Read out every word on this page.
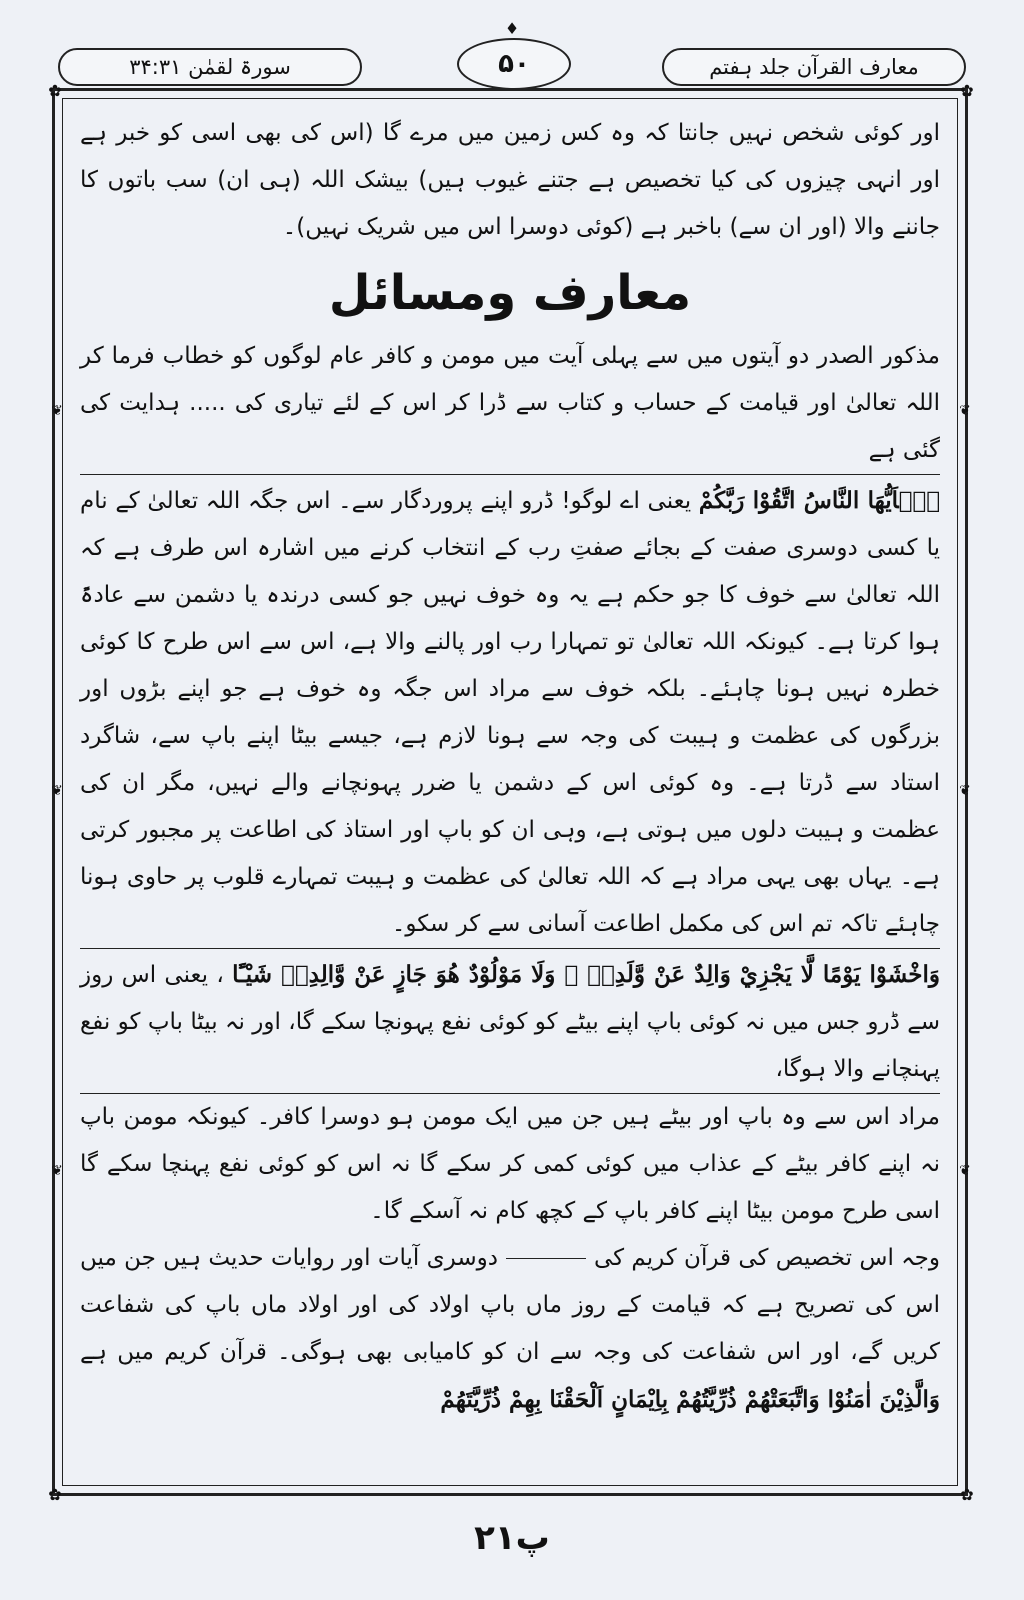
سورۃ لقمٰن ۳۴:۳۱
♦
۵۰	معارف القرآن جلد ہفتم
✿	✿
✿	✿
❦	❦
❦	❦
❦	❦

اور کوئی شخص نہیں جانتا کہ وہ کس زمین میں مرے گا (اس کی بھی اسی کو خبر ہے اور انہی چیزوں کی کیا تخصیص ہے جتنے غیوب ہیں) بیشک اللہ (ہی ان) سب باتوں کا جاننے والا (اور ان سے) باخبر ہے (کوئی دوسرا اس میں شریک نہیں)۔

معارف ومسائل

مذکور الصدر دو آیتوں میں سے پہلی آیت میں مومن و کافر عام لوگوں کو خطاب فرما کر اللہ تعالیٰ اور قیامت کے حساب و کتاب سے ڈرا کر اس کے لئے تیاری کی ..... ہدایت کی گئی ہے

يٰۤاَيُّهَا النَّاسُ اتَّقُوْا رَبَّكُمْ یعنی اے لوگو! ڈرو اپنے پروردگار سے۔ اس جگہ اللہ تعالیٰ کے نام یا کسی دوسری صفت کے بجائے صفتِ رب کے انتخاب کرنے میں اشارہ اس طرف ہے کہ اللہ تعالیٰ سے خوف کا جو حکم ہے یہ وہ خوف نہیں جو کسی درندہ یا دشمن سے عادۃً ہوا کرتا ہے۔ کیونکہ اللہ تعالیٰ تو تمہارا رب اور پالنے والا ہے، اس سے اس طرح کا کوئی خطرہ نہیں ہونا چاہئے۔ بلکہ خوف سے مراد اس جگہ وہ خوف ہے جو اپنے بڑوں اور بزرگوں کی عظمت و ہیبت کی وجہ سے ہونا لازم ہے، جیسے بیٹا اپنے باپ سے، شاگرد استاد سے ڈرتا ہے۔ وہ کوئی اس کے دشمن یا ضرر پہونچانے والے نہیں، مگر ان کی عظمت و ہیبت دلوں میں ہوتی ہے، وہی ان کو باپ اور استاذ کی اطاعت پر مجبور کرتی ہے۔ یہاں بھی یہی مراد ہے کہ اللہ تعالیٰ کی عظمت و ہیبت تمہارے قلوب پر حاوی ہونا چاہئے تاکہ تم اس کی مکمل اطاعت آسانی سے کر سکو۔

وَاخْشَوْا يَوْمًا لَّا يَجْزِيْ وَالِدٌ عَنْ وَّلَدِهٖ ۡ وَلَا مَوْلُوْدٌ هُوَ جَازٍ عَنْ وَّالِدِهٖ شَيْـًٔا ، یعنی اس روز سے ڈرو جس میں نہ کوئی باپ اپنے بیٹے کو کوئی نفع پہونچا سکے گا، اور نہ بیٹا باپ کو نفع پہنچانے والا ہوگا،

مراد اس سے وہ باپ اور بیٹے ہیں جن میں ایک مومن ہو دوسرا کافر۔ کیونکہ مومن باپ نہ اپنے کافر بیٹے کے عذاب میں کوئی کمی کر سکے گا نہ اس کو کوئی نفع پہنچا سکے گا اسی طرح مومن بیٹا اپنے کافر باپ کے کچھ کام نہ آسکے گا۔

وجہ اس تخصیص کی قرآن کریم کیدوسری آیات اور روایات حدیث ہیں جن میں اس کی تصریح ہے کہ قیامت کے روز ماں باپ اولاد کی اور اولاد ماں باپ کی شفاعت کریں گے، اور اس شفاعت کی وجہ سے ان کو کامیابی بھی ہوگی۔ قرآن کریم میں ہے وَالَّذِيْنَ اٰمَنُوْا وَاتَّبَعَتْهُمْ ذُرِّيَّتُهُمْ بِاِيْمَانٍ اَلْحَقْنَا بِهِمْ ذُرِّيَّتَهُمْ

پ۲۱
